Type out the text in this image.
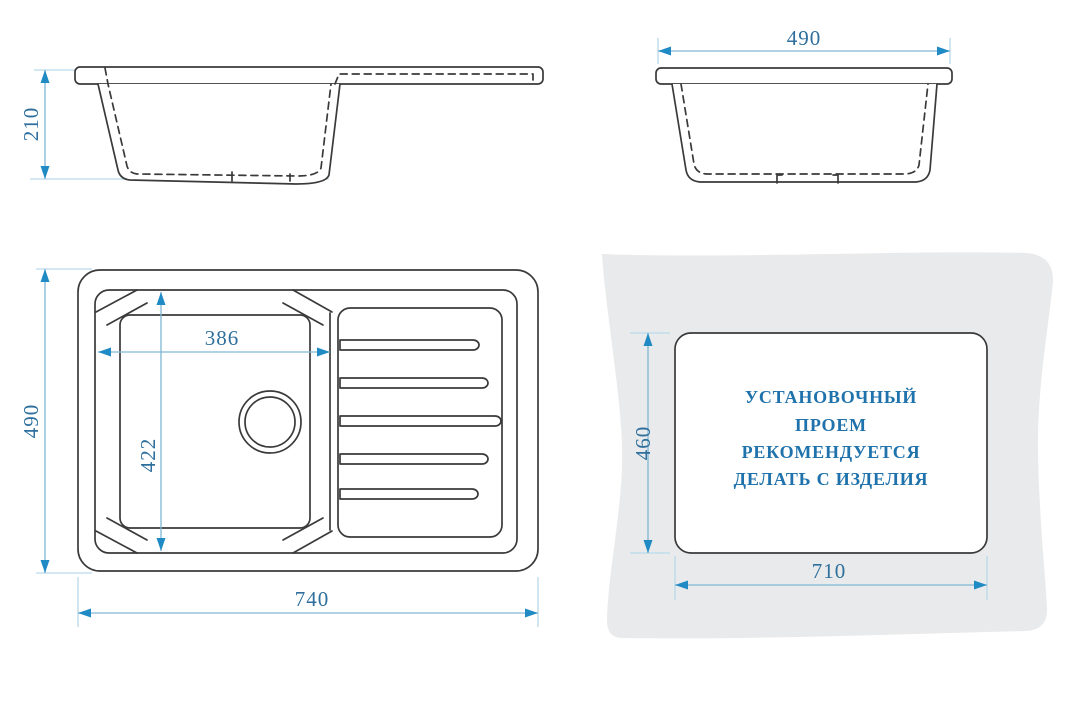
210
490
386
422
490
740
УСТАНОВОЧНЫЙ
ПРОЕМ
РЕКОМЕНДУЕТСЯ
ДЕЛАТЬ С ИЗДЕЛИЯ
460
710
